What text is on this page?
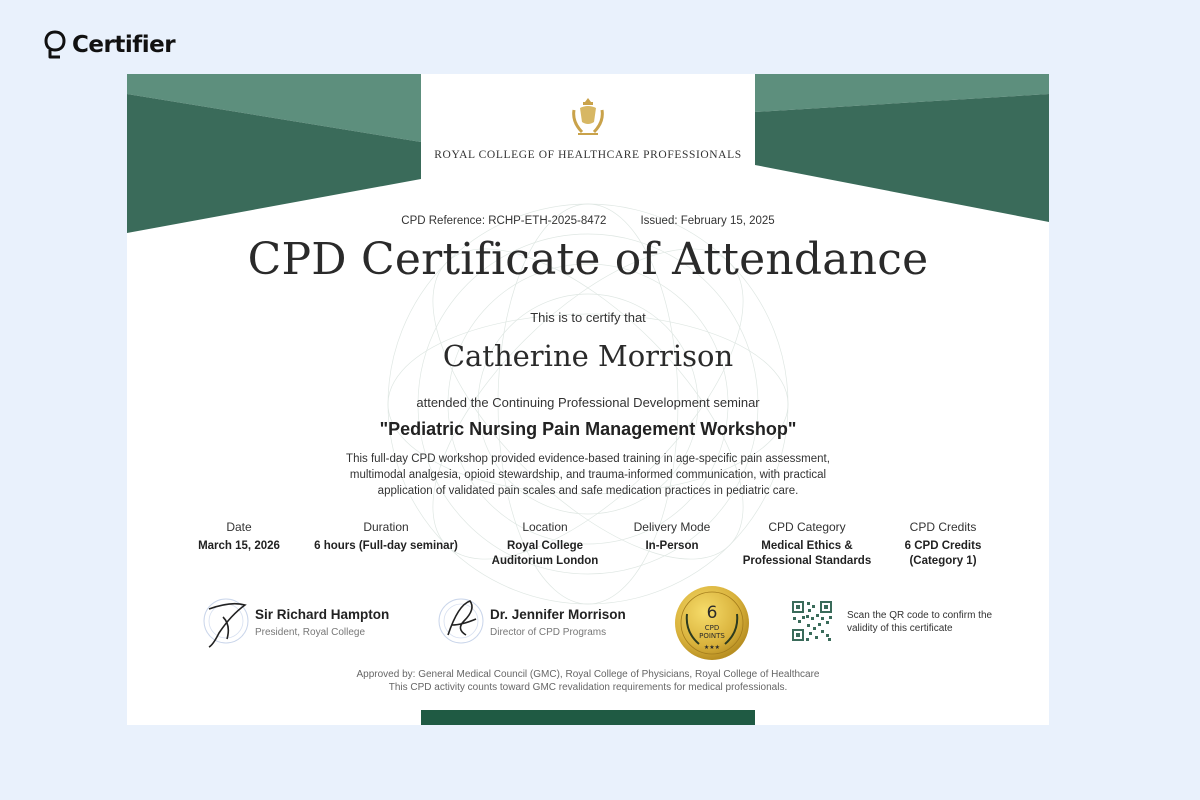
Certifier
ROYAL COLLEGE OF HEALTHCARE PROFESSIONALS
CPD Reference: RCHP-ETH-2025-8472	Issued: February 15, 2025
CPD Certificate of Attendance
This is to certify that
Catherine Morrison
attended the Continuing Professional Development seminar
"Pediatric Nursing Pain Management Workshop"
This full-day CPD workshop provided evidence-based training in age-specific pain assessment, multimodal analgesia, opioid stewardship, and trauma-informed communication, with practical application of validated pain scales and safe medication practices in pediatric care.
Date
March 15, 2026
Duration
6 hours (Full-day seminar)
Location
Royal College Auditorium London
Delivery Mode
In-Person
CPD Category
Medical Ethics & Professional Standards
CPD Credits
6 CPD Credits (Category 1)
Sir Richard Hampton
President, Royal College
Dr. Jennifer Morrison
Director of CPD Programs
6
CPD
POINTS
★★★
Scan the QR code to confirm the validity of this certificate
Approved by: General Medical Council (GMC), Royal College of Physicians, Royal College of Healthcare
This CPD activity counts toward GMC revalidation requirements for medical professionals.
